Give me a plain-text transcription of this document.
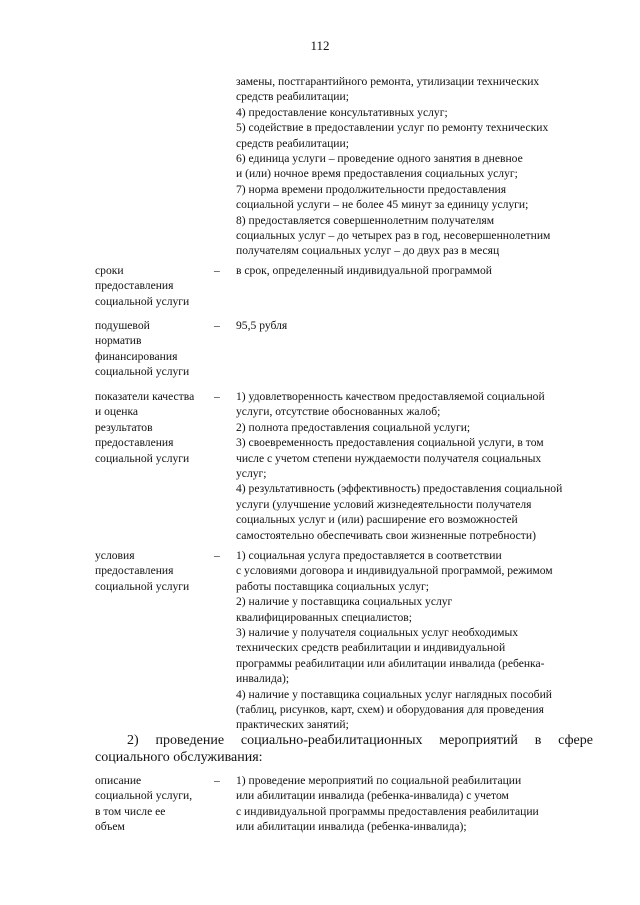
112
замены, постгарантийного ремонта, утилизации технических
средств реабилитации;
4) предоставление консультативных услуг;
5) содействие в предоставлении услуг по ремонту технических
средств реабилитации;
6) единица услуги – проведение одного занятия в дневное
и (или) ночное время предоставления социальных услуг;
7) норма времени продолжительности предоставления
социальной услуги – не более 45 минут за единицу услуги;
8) предоставляется совершеннолетним получателям
социальных услуг – до четырех раз в год, несовершеннолетним
получателям социальных услуг – до двух раз в месяц
сроки
предоставления
социальной услуги
–	в срок, определенный индивидуальной программой
подушевой
норматив
финансирования
социальной услуги
–	95,5 рубля
показатели качества
и оценка
результатов
предоставления
социальной услуги
–	1) удовлетворенность качеством предоставляемой социальной
услуги, отсутствие обоснованных жалоб;
2) полнота предоставления социальной услуги;
3) своевременность предоставления социальной услуги, в том
числе с учетом степени нуждаемости получателя социальных
услуг;
4) результативность (эффективность) предоставления социальной
услуги (улучшение условий жизнедеятельности получателя
социальных услуг и (или) расширение его возможностей
самостоятельно обеспечивать свои жизненные потребности)
условия
предоставления
социальной услуги
–	1) социальная услуга предоставляется в соответствии
с условиями договора и индивидуальной программой, режимом
работы поставщика социальных услуг;
2) наличие у поставщика социальных услуг
квалифицированных специалистов;
3) наличие у получателя социальных услуг необходимых
технических средств реабилитации и индивидуальной
программы реабилитации или абилитации инвалида (ребенка-
инвалида);
4) наличие у поставщика социальных услуг наглядных пособий
(таблиц, рисунков, карт, схем) и оборудования для проведения
практических занятий;
2) проведение социально-реабилитационных мероприятий в сфере
социального обслуживания:
описание
социальной услуги,
в том числе ее
объем
–	1) проведение мероприятий по социальной реабилитации
или абилитации инвалида (ребенка-инвалида) с учетом
с индивидуальной программы предоставления реабилитации
или абилитации инвалида (ребенка-инвалида);
